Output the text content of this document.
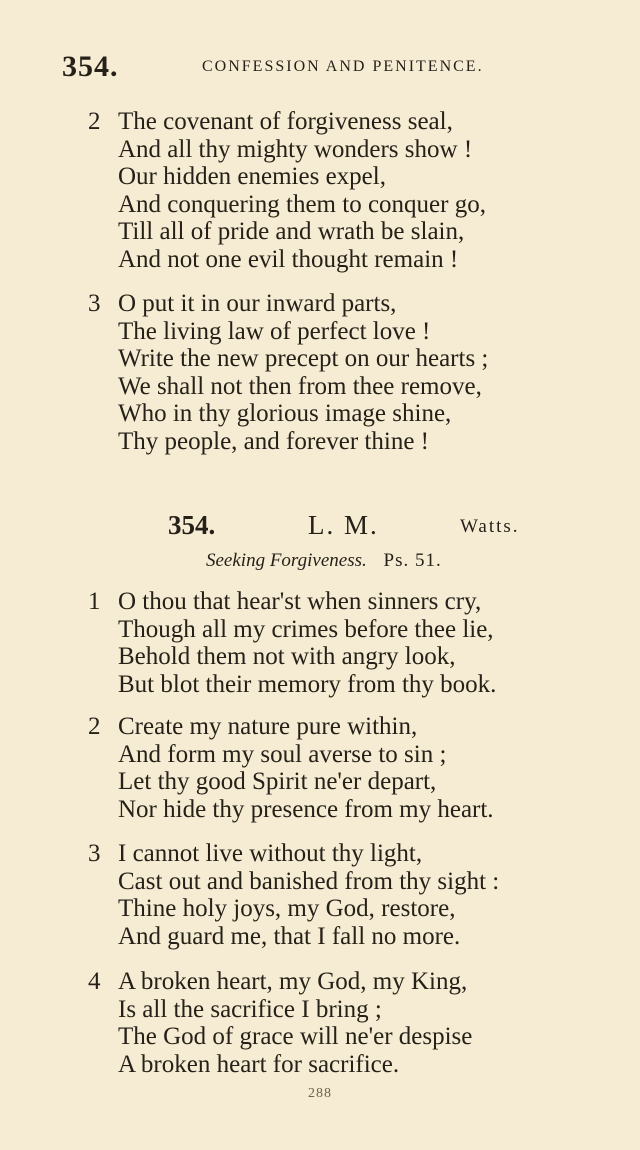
354.	CONFESSION AND PENITENCE.
2 The covenant of forgiveness seal,
And all thy mighty wonders show !
Our hidden enemies expel,
And conquering them to conquer go,
Till all of pride and wrath be slain,
And not one evil thought remain !
3 O put it in our inward parts,
The living law of perfect love !
Write the new precept on our hearts ;
We shall not then from thee remove,
Who in thy glorious image shine,
Thy people, and forever thine !
354.	L. M.	Watts.
Seeking Forgiveness. Ps. 51.
1 O thou that hear'st when sinners cry,
Though all my crimes before thee lie,
Behold them not with angry look,
But blot their memory from thy book.
2 Create my nature pure within,
And form my soul averse to sin ;
Let thy good Spirit ne'er depart,
Nor hide thy presence from my heart.
3 I cannot live without thy light,
Cast out and banished from thy sight :
Thine holy joys, my God, restore,
And guard me, that I fall no more.
4 A broken heart, my God, my King,
Is all the sacrifice I bring ;
The God of grace will ne'er despise
A broken heart for sacrifice.
288
